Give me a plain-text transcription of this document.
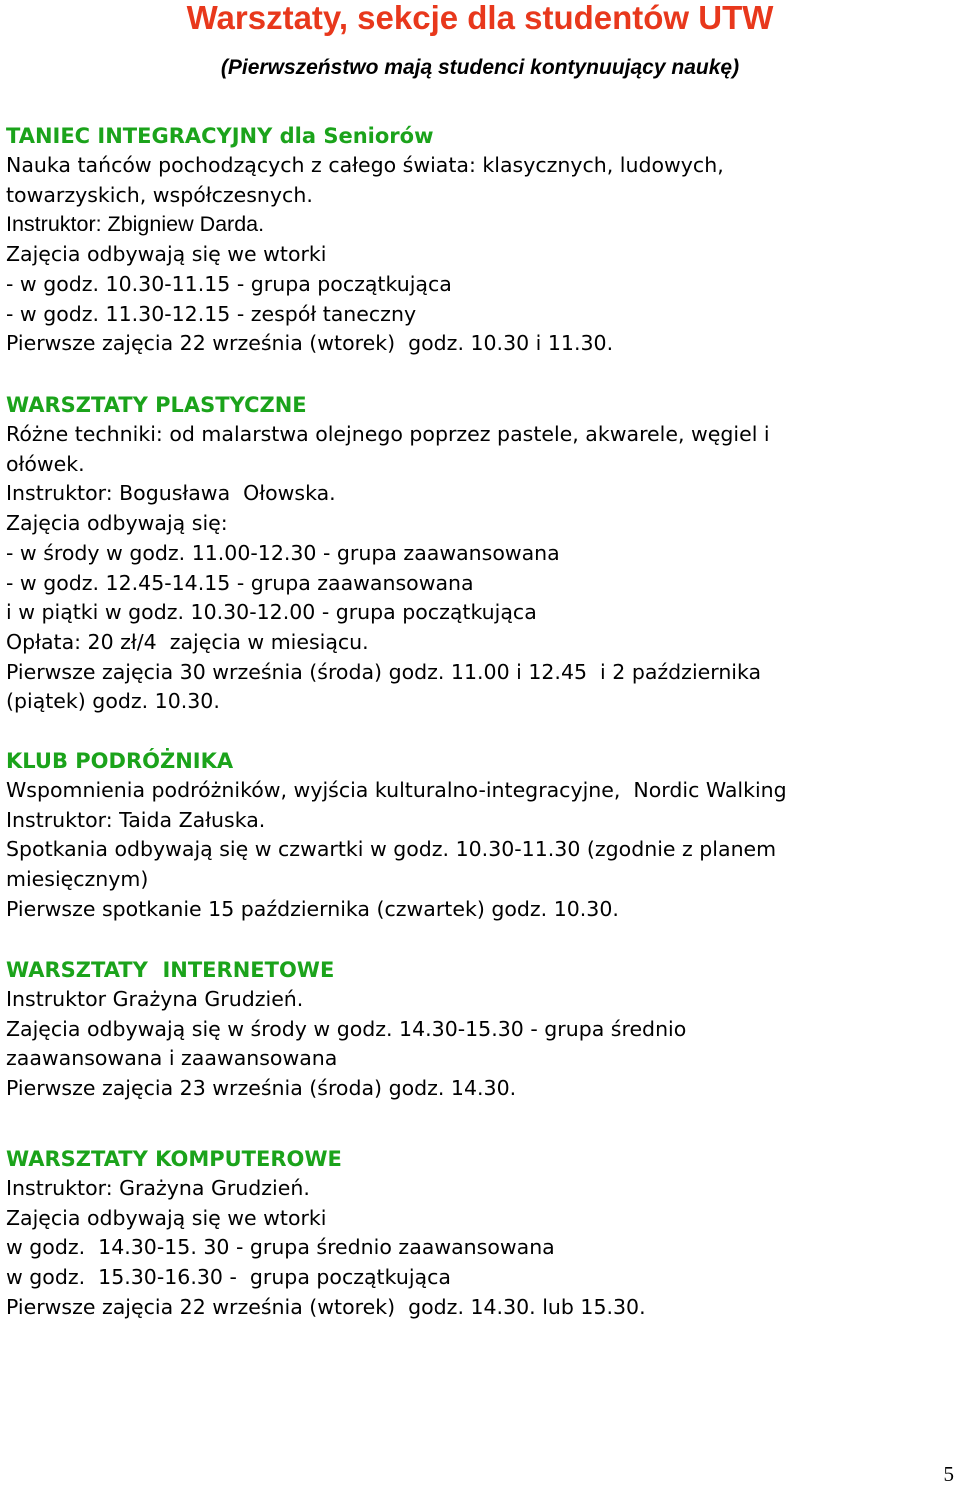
Warsztaty, sekcje dla studentów UTW
(Pierwszeństwo mają studenci kontynuujący naukę)
TANIEC INTEGRACYJNY dla Seniorów
Nauka tańców pochodzących z całego świata: klasycznych, ludowych,
towarzyskich, współczesnych.
Instruktor: Zbigniew Darda.
Zajęcia odbywają się we wtorki
- w godz. 10.30-11.15 - grupa początkująca
- w godz. 11.30-12.15 - zespół taneczny
Pierwsze zajęcia 22 września (wtorek)  godz. 10.30 i 11.30.
WARSZTATY PLASTYCZNE
Różne techniki: od malarstwa olejnego poprzez pastele, akwarele, węgiel i
ołówek.
Instruktor: Bogusława  Ołowska.
Zajęcia odbywają się:
- w środy w godz. 11.00-12.30 - grupa zaawansowana
- w godz. 12.45-14.15 - grupa zaawansowana
i w piątki w godz. 10.30-12.00 - grupa początkująca
Opłata: 20 zł/4  zajęcia w miesiącu.
Pierwsze zajęcia 30 września (środa) godz. 11.00 i 12.45  i 2 października
(piątek) godz. 10.30.
KLUB PODRÓŻNIKA
Wspomnienia podróżników, wyjścia kulturalno-integracyjne,  Nordic Walking
Instruktor: Taida Załuska.
Spotkania odbywają się w czwartki w godz. 10.30-11.30 (zgodnie z planem
miesięcznym)
Pierwsze spotkanie 15 października (czwartek) godz. 10.30.
WARSZTATY  INTERNETOWE
Instruktor Grażyna Grudzień.
Zajęcia odbywają się w środy w godz. 14.30-15.30 - grupa średnio
zaawansowana i zaawansowana
Pierwsze zajęcia 23 września (środa) godz. 14.30.
WARSZTATY KOMPUTEROWE
Instruktor: Grażyna Grudzień.
Zajęcia odbywają się we wtorki
w godz.  14.30-15. 30 - grupa średnio zaawansowana
w godz.  15.30-16.30 -  grupa początkująca
Pierwsze zajęcia 22 września (wtorek)  godz. 14.30. lub 15.30.
5
